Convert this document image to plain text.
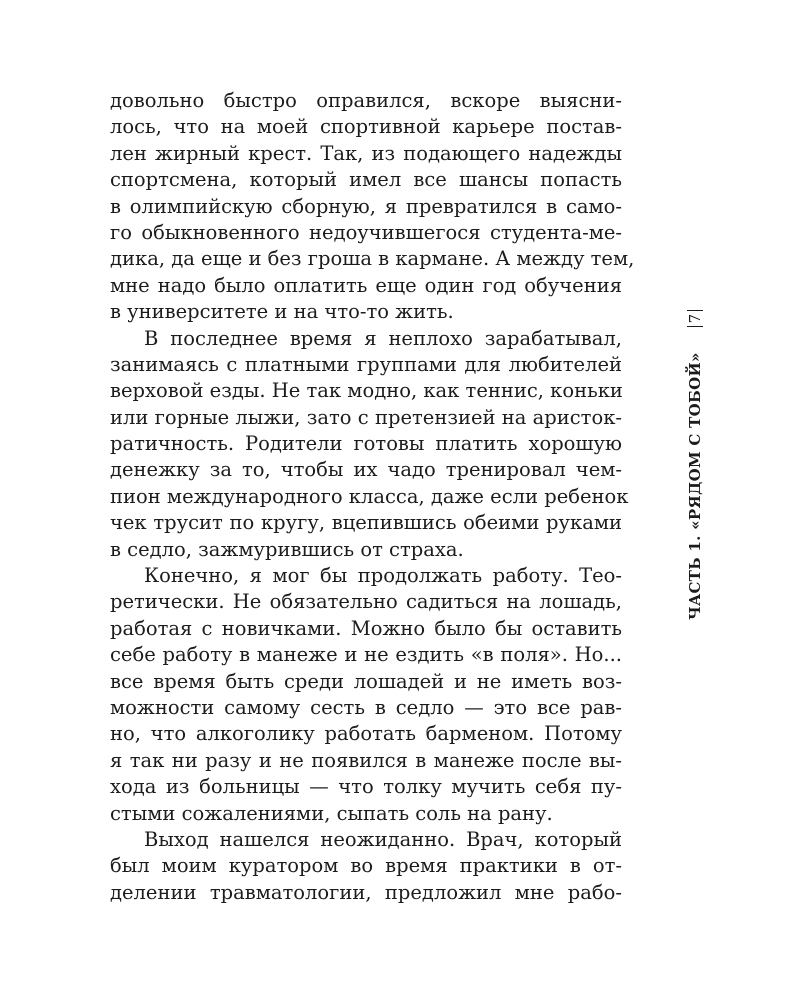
довольно быстро оправился, вскоре выясни-
лось, что на моей спортивной карьере постав-
лен жирный крест. Так, из подающего надежды
спортсмена, который имел все шансы попасть
в олимпийскую сборную, я превратился в само-
го обыкновенного недоучившегося студента-ме-
дика, да еще и без гроша в кармане. А между тем,
мне надо было оплатить еще один год обучения
в университете и на что-то жить.
В последнее время я неплохо зарабатывал,
занимаясь с платными группами для любителей
верховой езды. Не так модно, как теннис, коньки
или горные лыжи, зато с претензией на аристок-
ратичность. Родители готовы платить хорошую
денежку за то, чтобы их чадо тренировал чем-
пион международного класса, даже если ребенок
чек трусит по кругу, вцепившись обеими руками
в седло, зажмурившись от страха.
Конечно, я мог бы продолжать работу. Тео-
ретически. Не обязательно садиться на лошадь,
работая с новичками. Можно было бы оставить
себе работу в манеже и не ездить «в поля». Но...
все время быть среди лошадей и не иметь воз-
можности самому сесть в седло — это все рав-
но, что алкоголику работать барменом. Потому
я так ни разу и не появился в манеже после вы-
хода из больницы — что толку мучить себя пу-
стыми сожалениями, сыпать соль на рану.
Выход нашелся неожиданно. Врач, который
был моим куратором во время практики в от-
делении травматологии, предложил мне рабо-
ЧАСТЬ 1. «РЯДОМ С ТОБОЙ»
7
